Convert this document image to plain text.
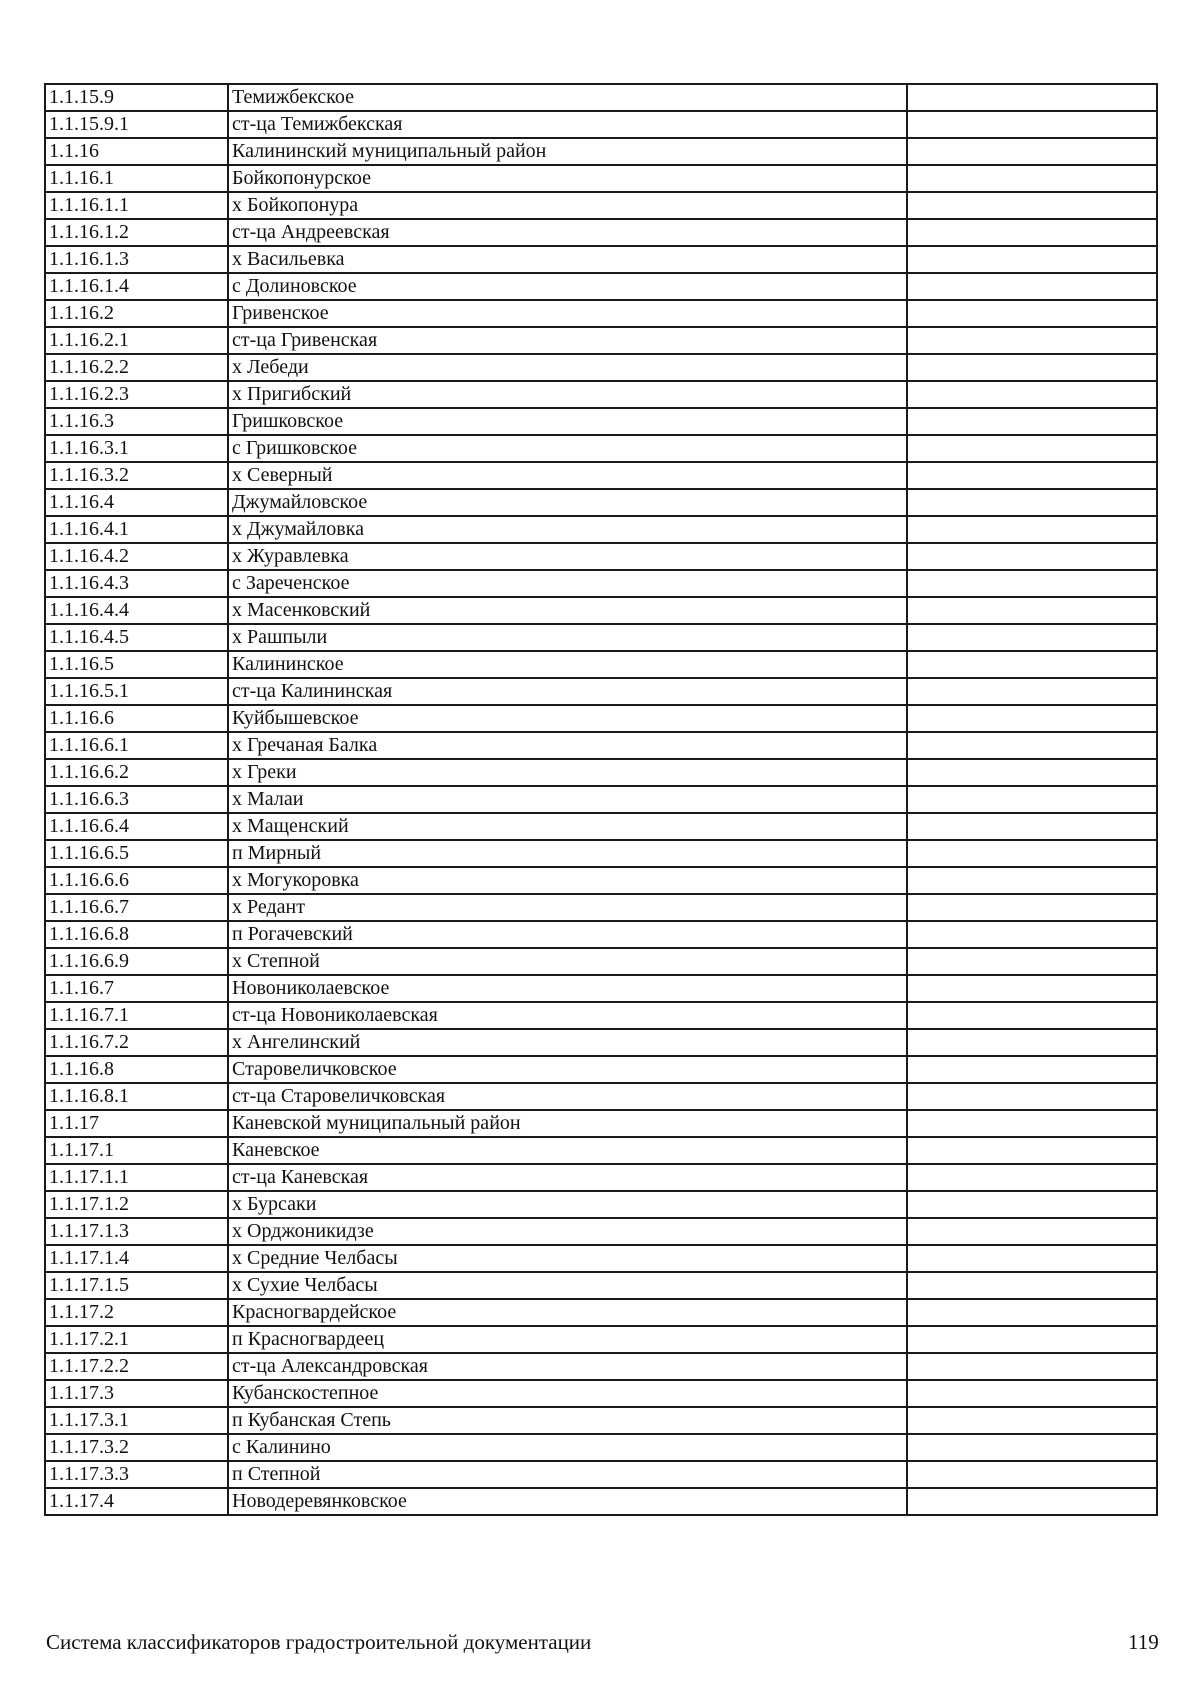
1.1.15.9	Темижбекское	
1.1.15.9.1	ст-ца Темижбекская	
1.1.16	Калининский муниципальный район	
1.1.16.1	Бойкопонурское	
1.1.16.1.1	х Бойкопонура	
1.1.16.1.2	ст-ца Андреевская	
1.1.16.1.3	х Васильевка	
1.1.16.1.4	с Долиновское	
1.1.16.2	Гривенское	
1.1.16.2.1	ст-ца Гривенская	
1.1.16.2.2	х Лебеди	
1.1.16.2.3	х Пригибский	
1.1.16.3	Гришковское	
1.1.16.3.1	с Гришковское	
1.1.16.3.2	х Северный	
1.1.16.4	Джумайловское	
1.1.16.4.1	х Джумайловка	
1.1.16.4.2	х Журавлевка	
1.1.16.4.3	с Зареченское	
1.1.16.4.4	х Масенковский	
1.1.16.4.5	х Рашпыли	
1.1.16.5	Калининское	
1.1.16.5.1	ст-ца Калининская	
1.1.16.6	Куйбышевское	
1.1.16.6.1	х Гречаная Балка	
1.1.16.6.2	х Греки	
1.1.16.6.3	х Малаи	
1.1.16.6.4	х Мащенский	
1.1.16.6.5	п Мирный	
1.1.16.6.6	х Могукоровка	
1.1.16.6.7	х Редант	
1.1.16.6.8	п Рогачевский	
1.1.16.6.9	х Степной	
1.1.16.7	Новониколаевское	
1.1.16.7.1	ст-ца Новониколаевская	
1.1.16.7.2	х Ангелинский	
1.1.16.8	Старовеличковское	
1.1.16.8.1	ст-ца Старовеличковская	
1.1.17	Каневской муниципальный район	
1.1.17.1	Каневское	
1.1.17.1.1	ст-ца Каневская	
1.1.17.1.2	х Бурсаки	
1.1.17.1.3	х Орджоникидзе	
1.1.17.1.4	х Средние Челбасы	
1.1.17.1.5	х Сухие Челбасы	
1.1.17.2	Красногвардейское	
1.1.17.2.1	п Красногвардеец	
1.1.17.2.2	ст-ца Александровская	
1.1.17.3	Кубанскостепное	
1.1.17.3.1	п Кубанская Степь	
1.1.17.3.2	с Калинино	
1.1.17.3.3	п Степной	
1.1.17.4	Новодеревянковское	
Система классификаторов градостроительной документации	119
